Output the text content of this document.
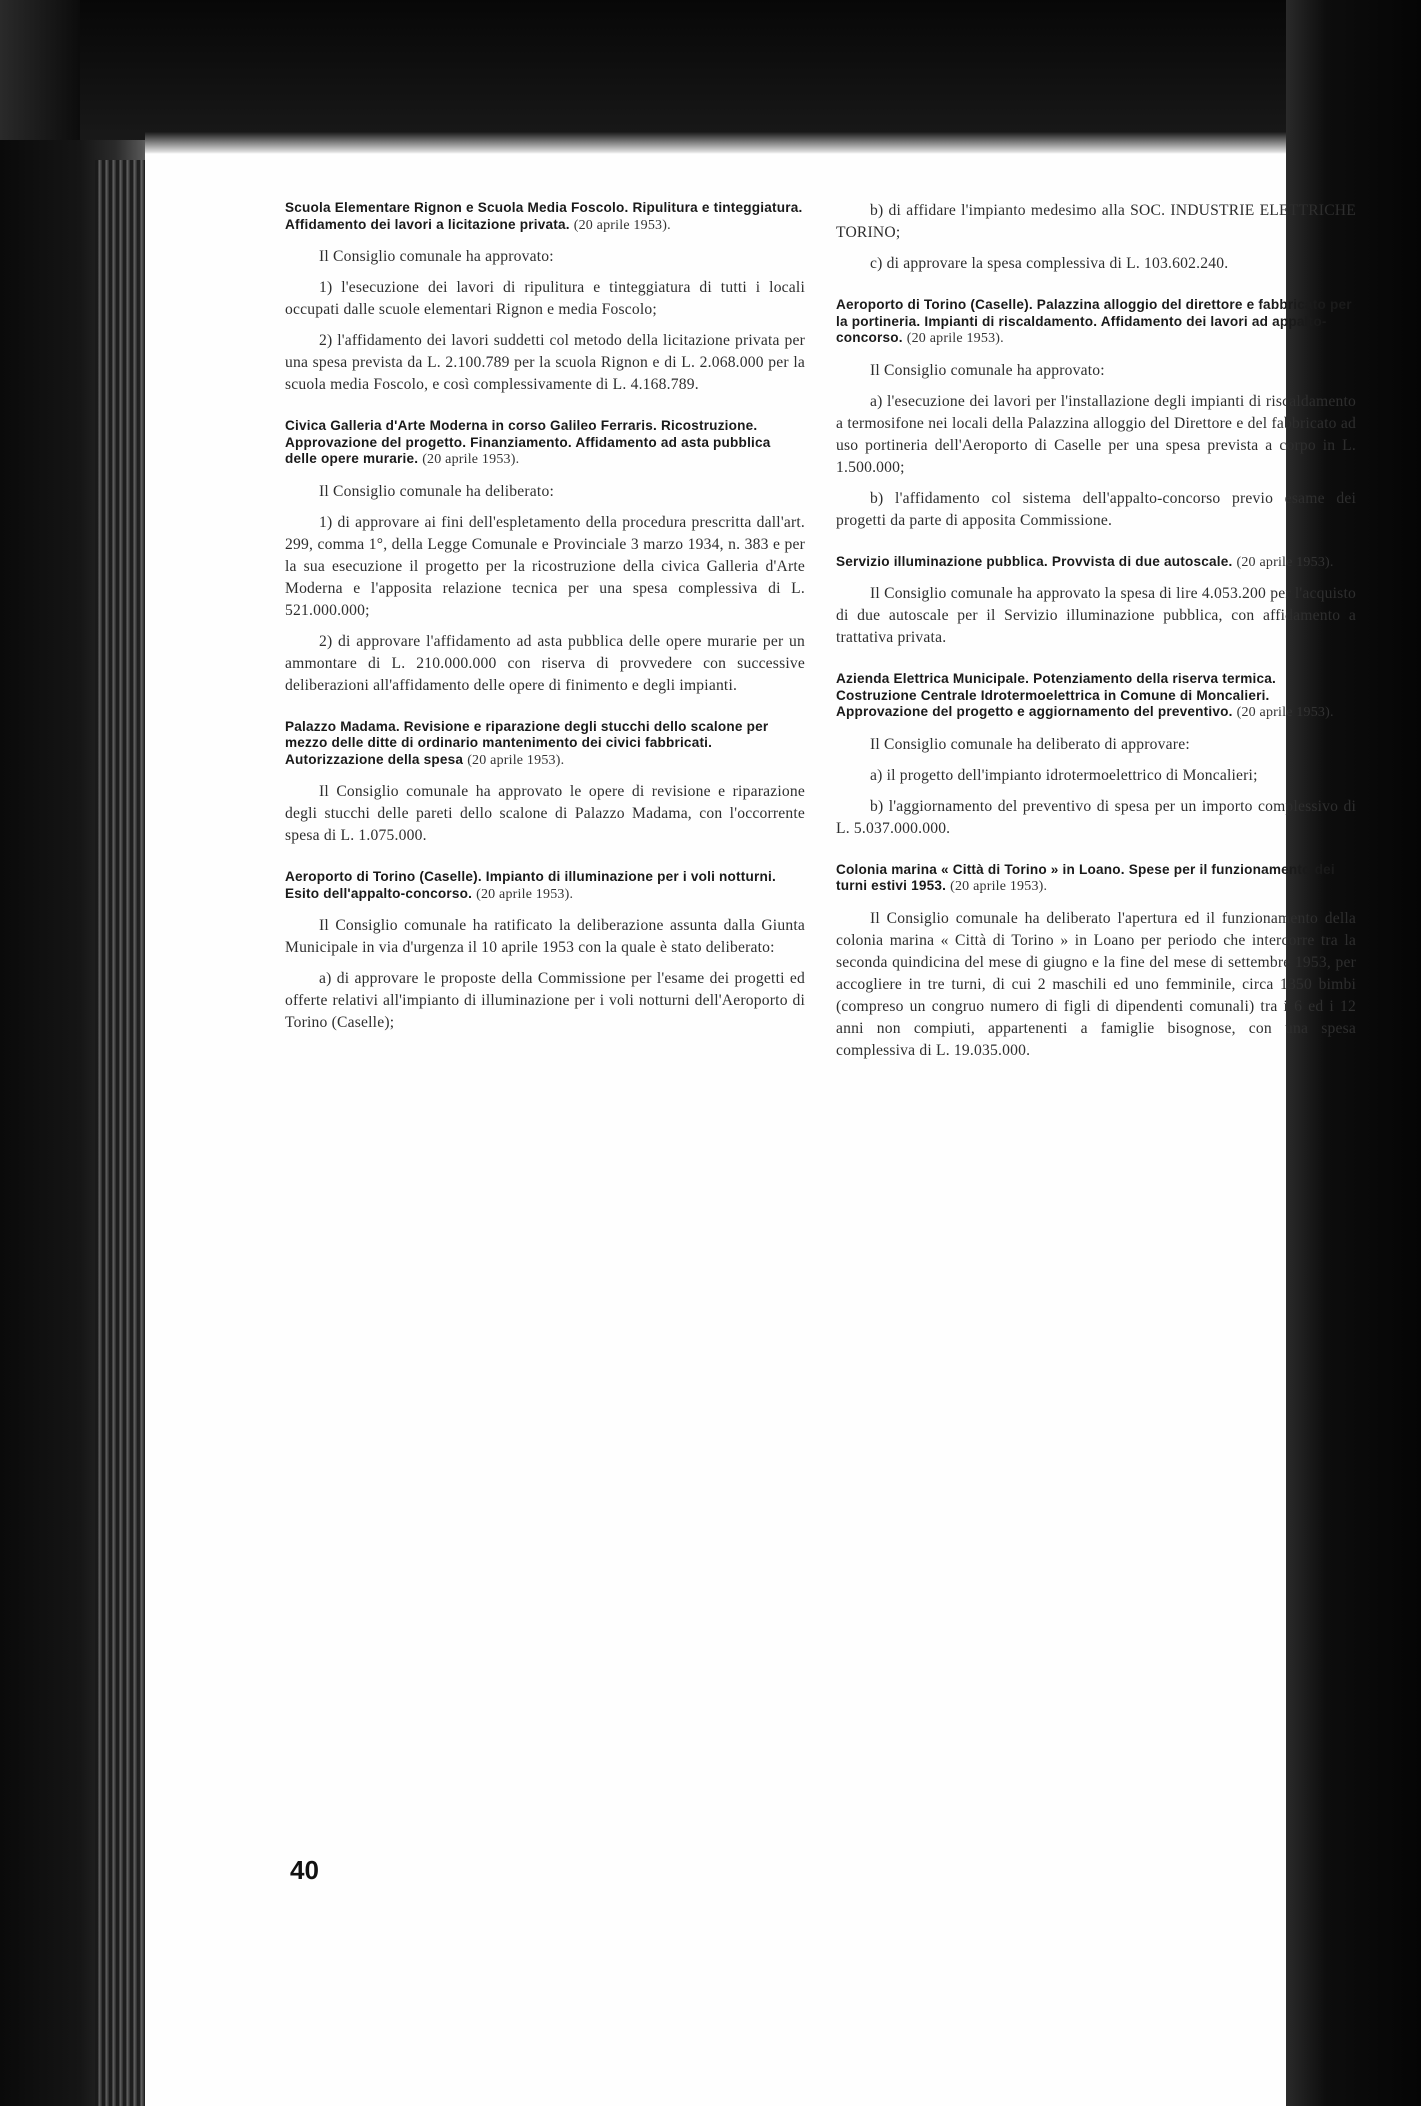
Scuola Elementare Rignon e Scuola Media Foscolo. Ripulitura e tinteggiatura. Affidamento dei lavori a licitazione privata. (20 aprile 1953).

Il Consiglio comunale ha approvato:

1) l'esecuzione dei lavori di ripulitura e tinteggiatura di tutti i locali occupati dalle scuole elementari Rignon e media Foscolo;

2) l'affidamento dei lavori suddetti col metodo della licitazione privata per una spesa prevista da L. 2.100.789 per la scuola Rignon e di L. 2.068.000 per la scuola media Foscolo, e così complessivamente di L. 4.168.789.

Civica Galleria d'Arte Moderna in corso Galileo Ferraris. Ricostruzione. Approvazione del progetto. Finanziamento. Affidamento ad asta pubblica delle opere murarie. (20 aprile 1953).

Il Consiglio comunale ha deliberato:

1) di approvare ai fini dell'espletamento della procedura prescritta dall'art. 299, comma 1°, della Legge Comunale e Provinciale 3 marzo 1934, n. 383 e per la sua esecuzione il progetto per la ricostruzione della civica Galleria d'Arte Moderna e l'apposita relazione tecnica per una spesa complessiva di L. 521.000.000;

2) di approvare l'affidamento ad asta pubblica delle opere murarie per un ammontare di L. 210.000.000 con riserva di provvedere con successive deliberazioni all'affidamento delle opere di finimento e degli impianti.

Palazzo Madama. Revisione e riparazione degli stucchi dello scalone per mezzo delle ditte di ordinario mantenimento dei civici fabbricati. Autorizzazione della spesa (20 aprile 1953).

Il Consiglio comunale ha approvato le opere di revisione e riparazione degli stucchi delle pareti dello scalone di Palazzo Madama, con l'occorrente spesa di L. 1.075.000.

Aeroporto di Torino (Caselle). Impianto di illuminazione per i voli notturni. Esito dell'appalto-concorso. (20 aprile 1953).

Il Consiglio comunale ha ratificato la deliberazione assunta dalla Giunta Municipale in via d'urgenza il 10 aprile 1953 con la quale è stato deliberato:

a) di approvare le proposte della Commissione per l'esame dei progetti ed offerte relativi all'impianto di illuminazione per i voli notturni dell'Aeroporto di Torino (Caselle);

b) di affidare l'impianto medesimo alla SOC. INDUSTRIE ELETTRICHE TORINO;

c) di approvare la spesa complessiva di L. 103.602.240.

Aeroporto di Torino (Caselle). Palazzina alloggio del direttore e fabbricato per la portineria. Impianti di riscaldamento. Affidamento dei lavori ad appalto-concorso. (20 aprile 1953).

Il Consiglio comunale ha approvato:

a) l'esecuzione dei lavori per l'installazione degli impianti di riscaldamento a termosifone nei locali della Palazzina alloggio del Direttore e del fabbricato ad uso portineria dell'Aeroporto di Caselle per una spesa prevista a corpo in L. 1.500.000;

b) l'affidamento col sistema dell'appalto-concorso previo esame dei progetti da parte di apposita Commissione.

Servizio illuminazione pubblica. Provvista di due autoscale. (20 aprile 1953).

Il Consiglio comunale ha approvato la spesa di lire 4.053.200 per l'acquisto di due autoscale per il Servizio illuminazione pubblica, con affidamento a trattativa privata.

Azienda Elettrica Municipale. Potenziamento della riserva termica. Costruzione Centrale Idrotermoelettrica in Comune di Moncalieri. Approvazione del progetto e aggiornamento del preventivo. (20 aprile 1953).

Il Consiglio comunale ha deliberato di approvare:

a) il progetto dell'impianto idrotermoelettrico di Moncalieri;

b) l'aggiornamento del preventivo di spesa per un importo complessivo di L. 5.037.000.000.

Colonia marina « Città di Torino » in Loano. Spese per il funzionamento dei turni estivi 1953. (20 aprile 1953).

Il Consiglio comunale ha deliberato l'apertura ed il funzionamento della colonia marina « Città di Torino » in Loano per periodo che intercorre tra la seconda quindicina del mese di giugno e la fine del mese di settembre 1953, per accogliere in tre turni, di cui 2 maschili ed uno femminile, circa 1350 bimbi (compreso un congruo numero di figli di dipendenti comunali) tra i 6 ed i 12 anni non compiuti, appartenenti a famiglie bisognose, con una spesa complessiva di L. 19.035.000.

40
